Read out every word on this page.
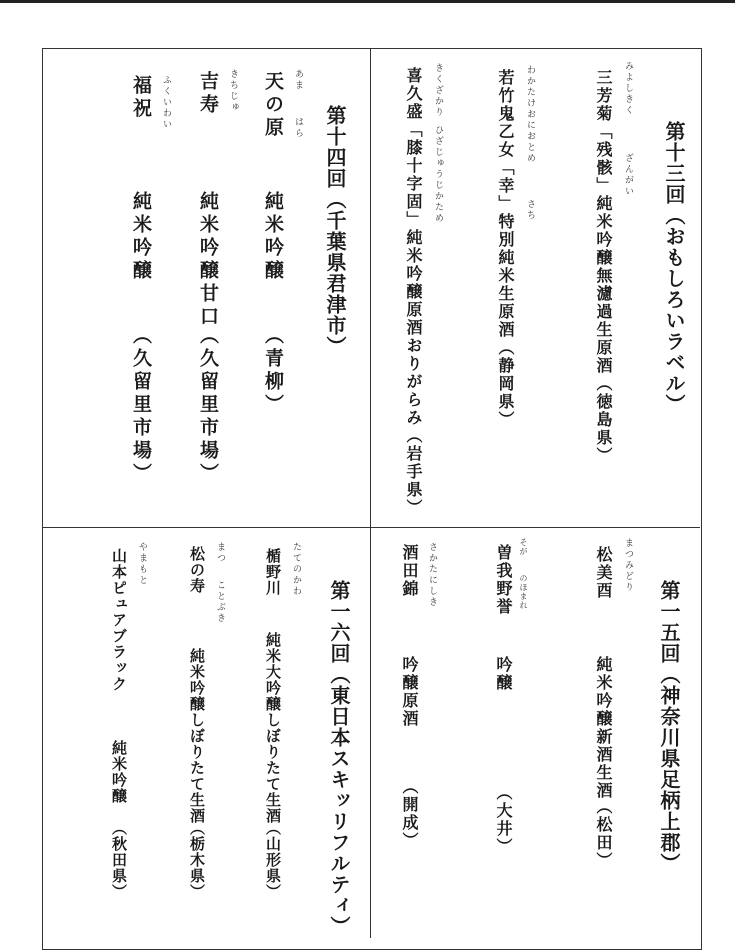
第十三回（おもしろいラベル）
みよしきく
ざんがい
三芳菊「残骸」純米吟醸無濾過生原酒（徳島県）
わかたけおにおとめ
さち
若竹鬼乙女「幸」特別純米生原酒（静岡県）
きくざかり
ひざじゅうじかため
喜久盛「膝十字固」純米吟醸原酒おりがらみ（岩手県）
第十四回（千葉県君津市）
あま
はら
天の原
純米吟醸
（青柳）
きちじゅ
吉寿
純米吟醸甘口
（久留里市場）
ふくいわい
福祝
純米吟醸
（久留里市場）
第一五回（神奈川県足柄上郡）
まつみどり
松美酉
純米吟醸新酒生酒
（松田）
そが
のほまれ
曽我野誉
吟醸
（大井）
さかたにしき
酒田錦
吟醸原酒
（開成）
第一六回（東日本スキッリフルティ）
たてのかわ
楯野川
純米大吟醸しぼりたて生酒
（山形県）
まつ
ことぶき
松の寿
純米吟醸しぼりたて生酒
（栃木県）
やまもと
山本ピュアブラック
純米吟醸
（秋田県）
